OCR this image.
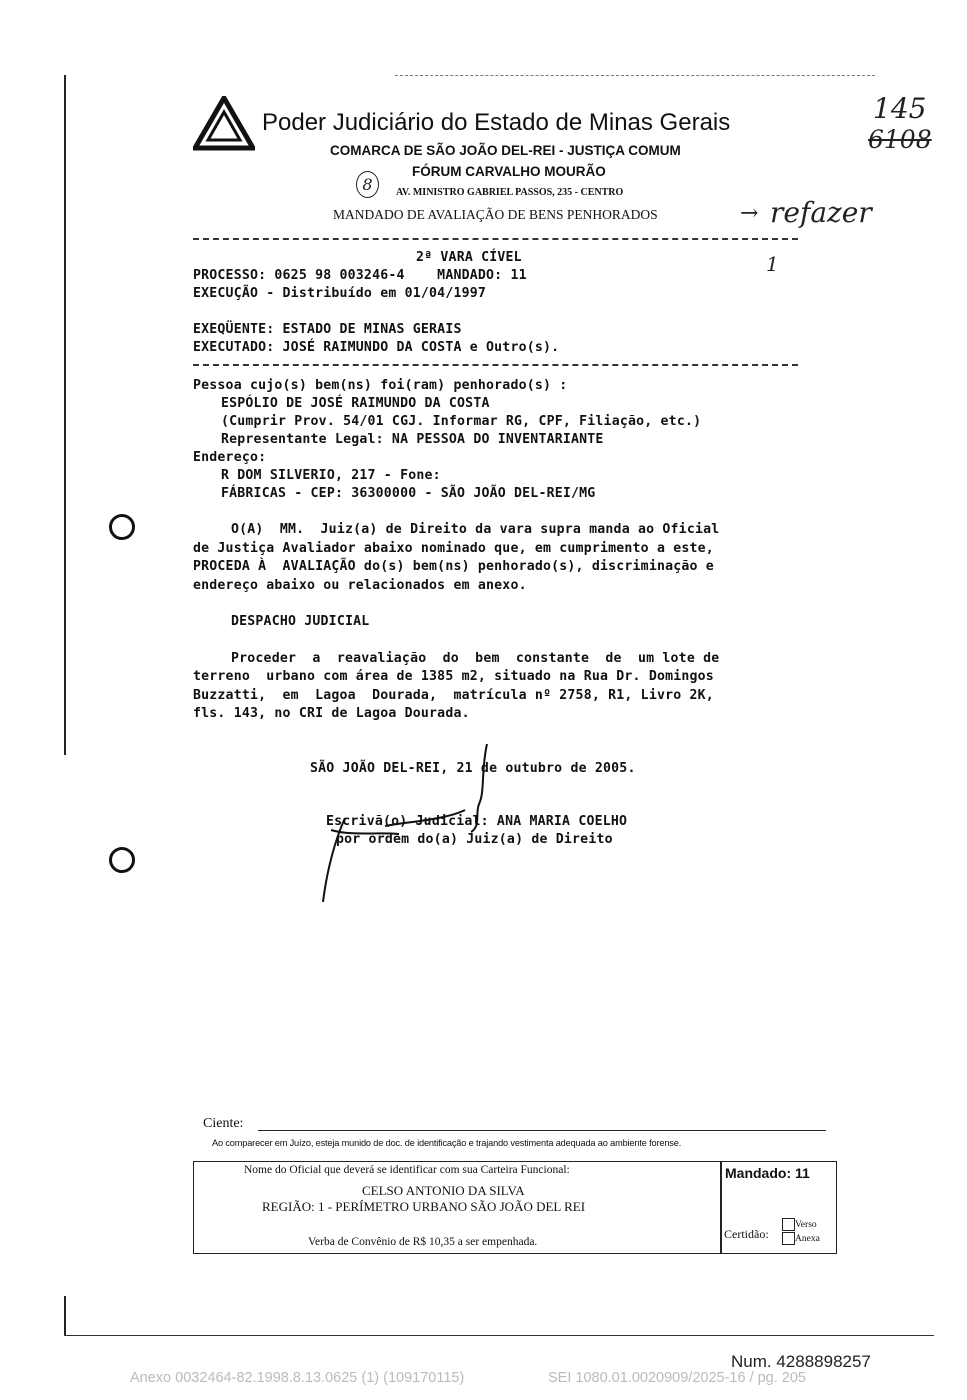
Poder Judiciário do Estado de Minas Gerais
COMARCA DE SÃO JOÃO DEL-REI - JUSTIÇA COMUM
FÓRUM CARVALHO MOURÃO
AV. MINISTRO GABRIEL PASSOS, 235 - CENTRO
MANDADO DE AVALIAÇÃO DE BENS PENHORADOS
8
145
6108
→ refazer
1
2ª VARA CÍVEL
PROCESSO: 0625 98 003246-4    MANDADO: 11
EXECUÇÃO - Distribuído em 01/04/1997
EXEQÜENTE: ESTADO DE MINAS GERAIS
EXECUTADO: JOSÉ RAIMUNDO DA COSTA e Outro(s).
Pessoa cujo(s) bem(ns) foi(ram) penhorado(s) :
ESPÓLIO DE JOSÉ RAIMUNDO DA COSTA
(Cumprir Prov. 54/01 CGJ. Informar RG, CPF, Filiação, etc.)
Representante Legal: NA PESSOA DO INVENTARIANTE
Endereço:
R DOM SILVERIO, 217 - Fone:
FÁBRICAS - CEP: 36300000 - SÃO JOÃO DEL-REI/MG
O(A)  MM.  Juiz(a) de Direito da vara supra manda ao Oficial
de Justiça Avaliador abaixo nominado que, em cumprimento a este,
PROCEDA À  AVALIAÇÃO do(s) bem(ns) penhorado(s), discriminação e
endereço abaixo ou relacionados em anexo.
DESPACHO JUDICIAL
Proceder  a  reavaliação  do  bem  constante  de  um lote de
terreno  urbano com área de 1385 m2, situado na Rua Dr. Domingos
Buzzatti,  em  Lagoa  Dourada,  matrícula nº 2758, R1, Livro 2K,
fls. 143, no CRI de Lagoa Dourada.
SÃO JOÃO DEL-REI, 21 de outubro de 2005.
Escrivã(o) Judicial: ANA MARIA COELHO
por ordem do(a) Juiz(a) de Direito
Ciente:
Ao comparecer em Juízo, esteja munido de doc. de identificação e trajando vestimenta adequada ao ambiente forense.
Nome do Oficial que deverá se identificar com sua Carteira Funcional:
CELSO ANTONIO DA SILVA
REGIÃO: 1 - PERÍMETRO URBANO SÃO JOÃO DEL REI
Verba de Convênio de R$ 10,35 a ser empenhada.
Mandado: 11
Certidão:
Verso
Anexa
Num. 4288898257
Anexo 0032464-82.1998.8.13.0625 (1) (109170115)	SEI 1080.01.0020909/2025-16 / pg. 205
